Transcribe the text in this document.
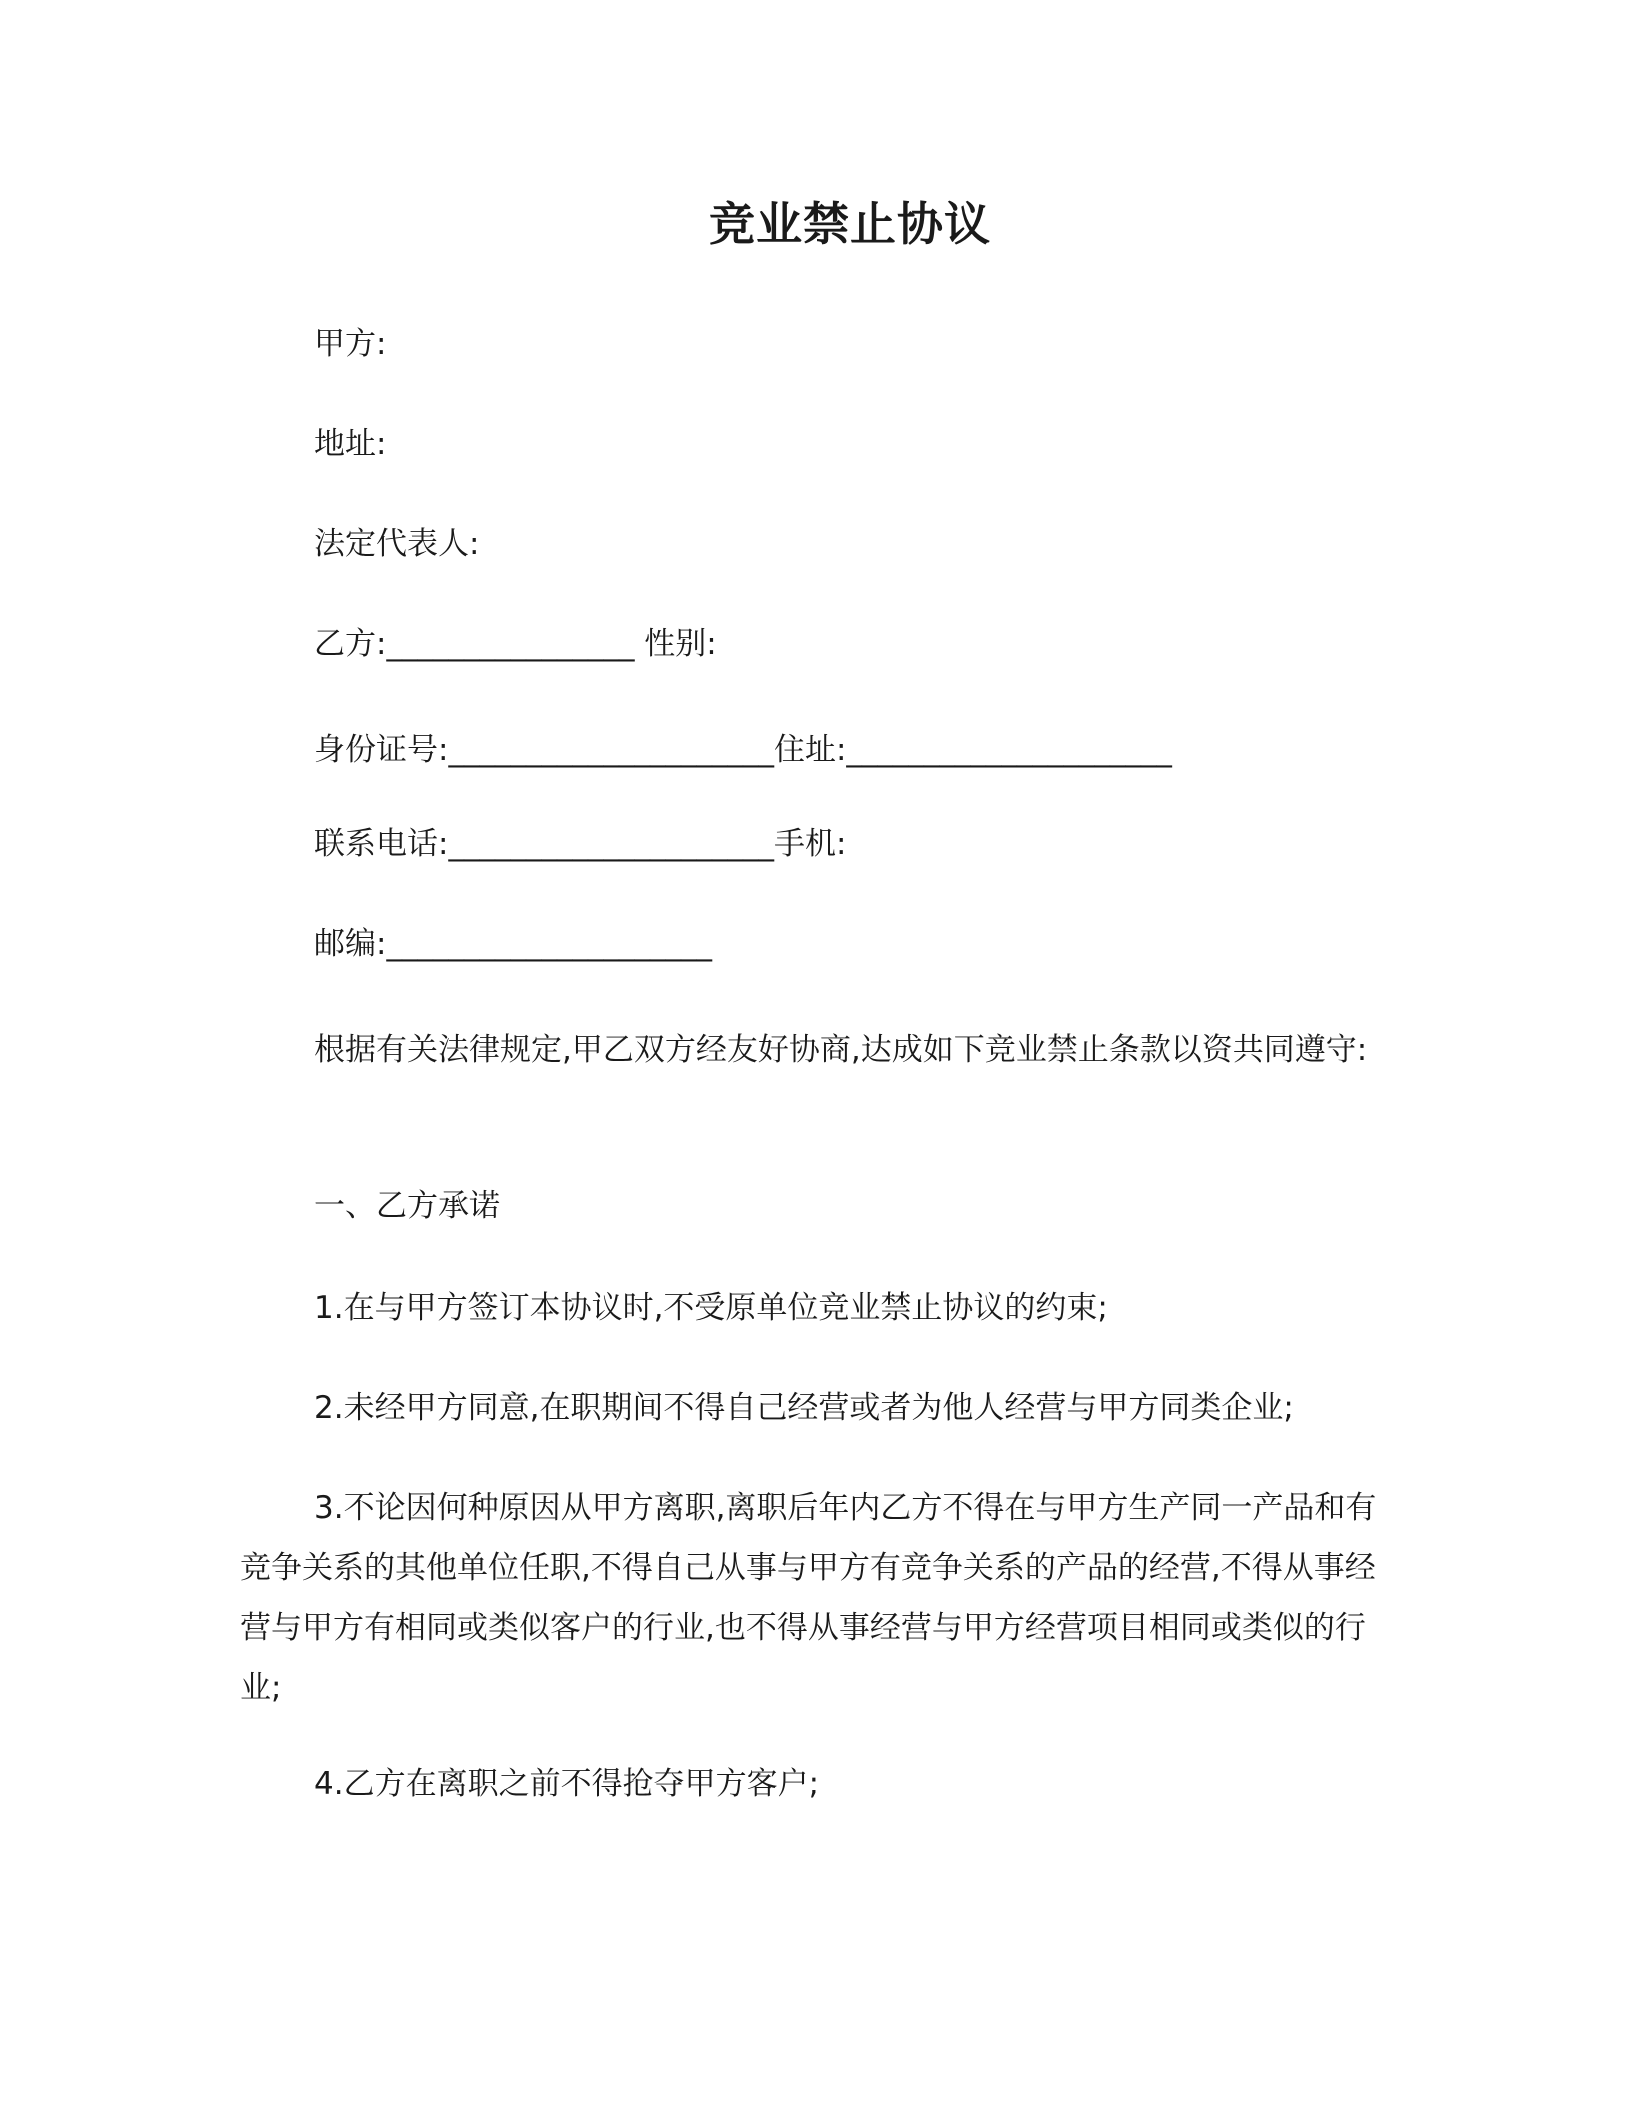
竞业禁止协议
甲方:
地址:
法定代表人:
乙方:________________ 性别:
身份证号:_____________________住址:_____________________
联系电话:_____________________手机:
邮编:_____________________
根据有关法律规定,甲乙双方经友好协商,达成如下竞业禁止条款以资共同遵守:
一、乙方承诺
1.在与甲方签订本协议时,不受原单位竞业禁止协议的约束;
2.未经甲方同意,在职期间不得自己经营或者为他人经营与甲方同类企业;
3.不论因何种原因从甲方离职,离职后年内乙方不得在与甲方生产同一产品和有竞争关系的其他单位任职,不得自己从事与甲方有竞争关系的产品的经营,不得从事经营与甲方有相同或类似客户的行业,也不得从事经营与甲方经营项目相同或类似的行业;
4.乙方在离职之前不得抢夺甲方客户;
